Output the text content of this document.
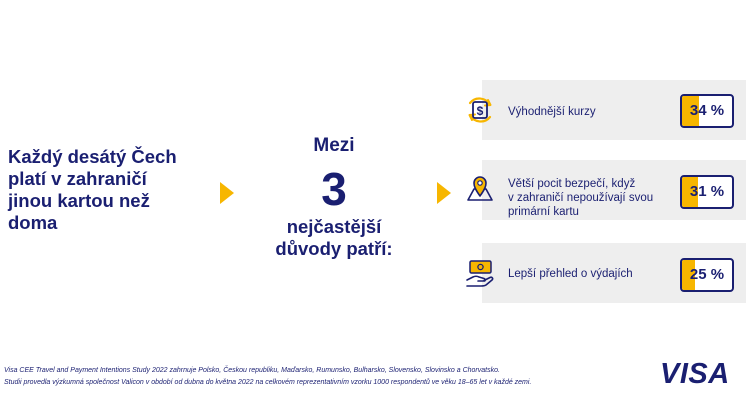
Každý desátý Čech
platí v zahraničí
jinou kartou než
doma
Mezi
3
nejčastější
důvody patří:
$ Výhodnější kurzy	34 %
Větší pocit bezpečí, když
v zahraničí nepoužívají svou
primární kartu
31 %
Lepší přehled o výdajích	25 %
Visa CEE Travel and Payment Intentions Study 2022 zahrnuje Polsko, Českou republiku, Maďarsko, Rumunsko, Bulharsko, Slovensko, Slovinsko a Chorvatsko.
Studii provedla výzkumná společnost Valicon v období od dubna do května 2022 na celkovém reprezentativním vzorku 1000 respondentů ve věku 18–65 let v každé zemi.	VISA
